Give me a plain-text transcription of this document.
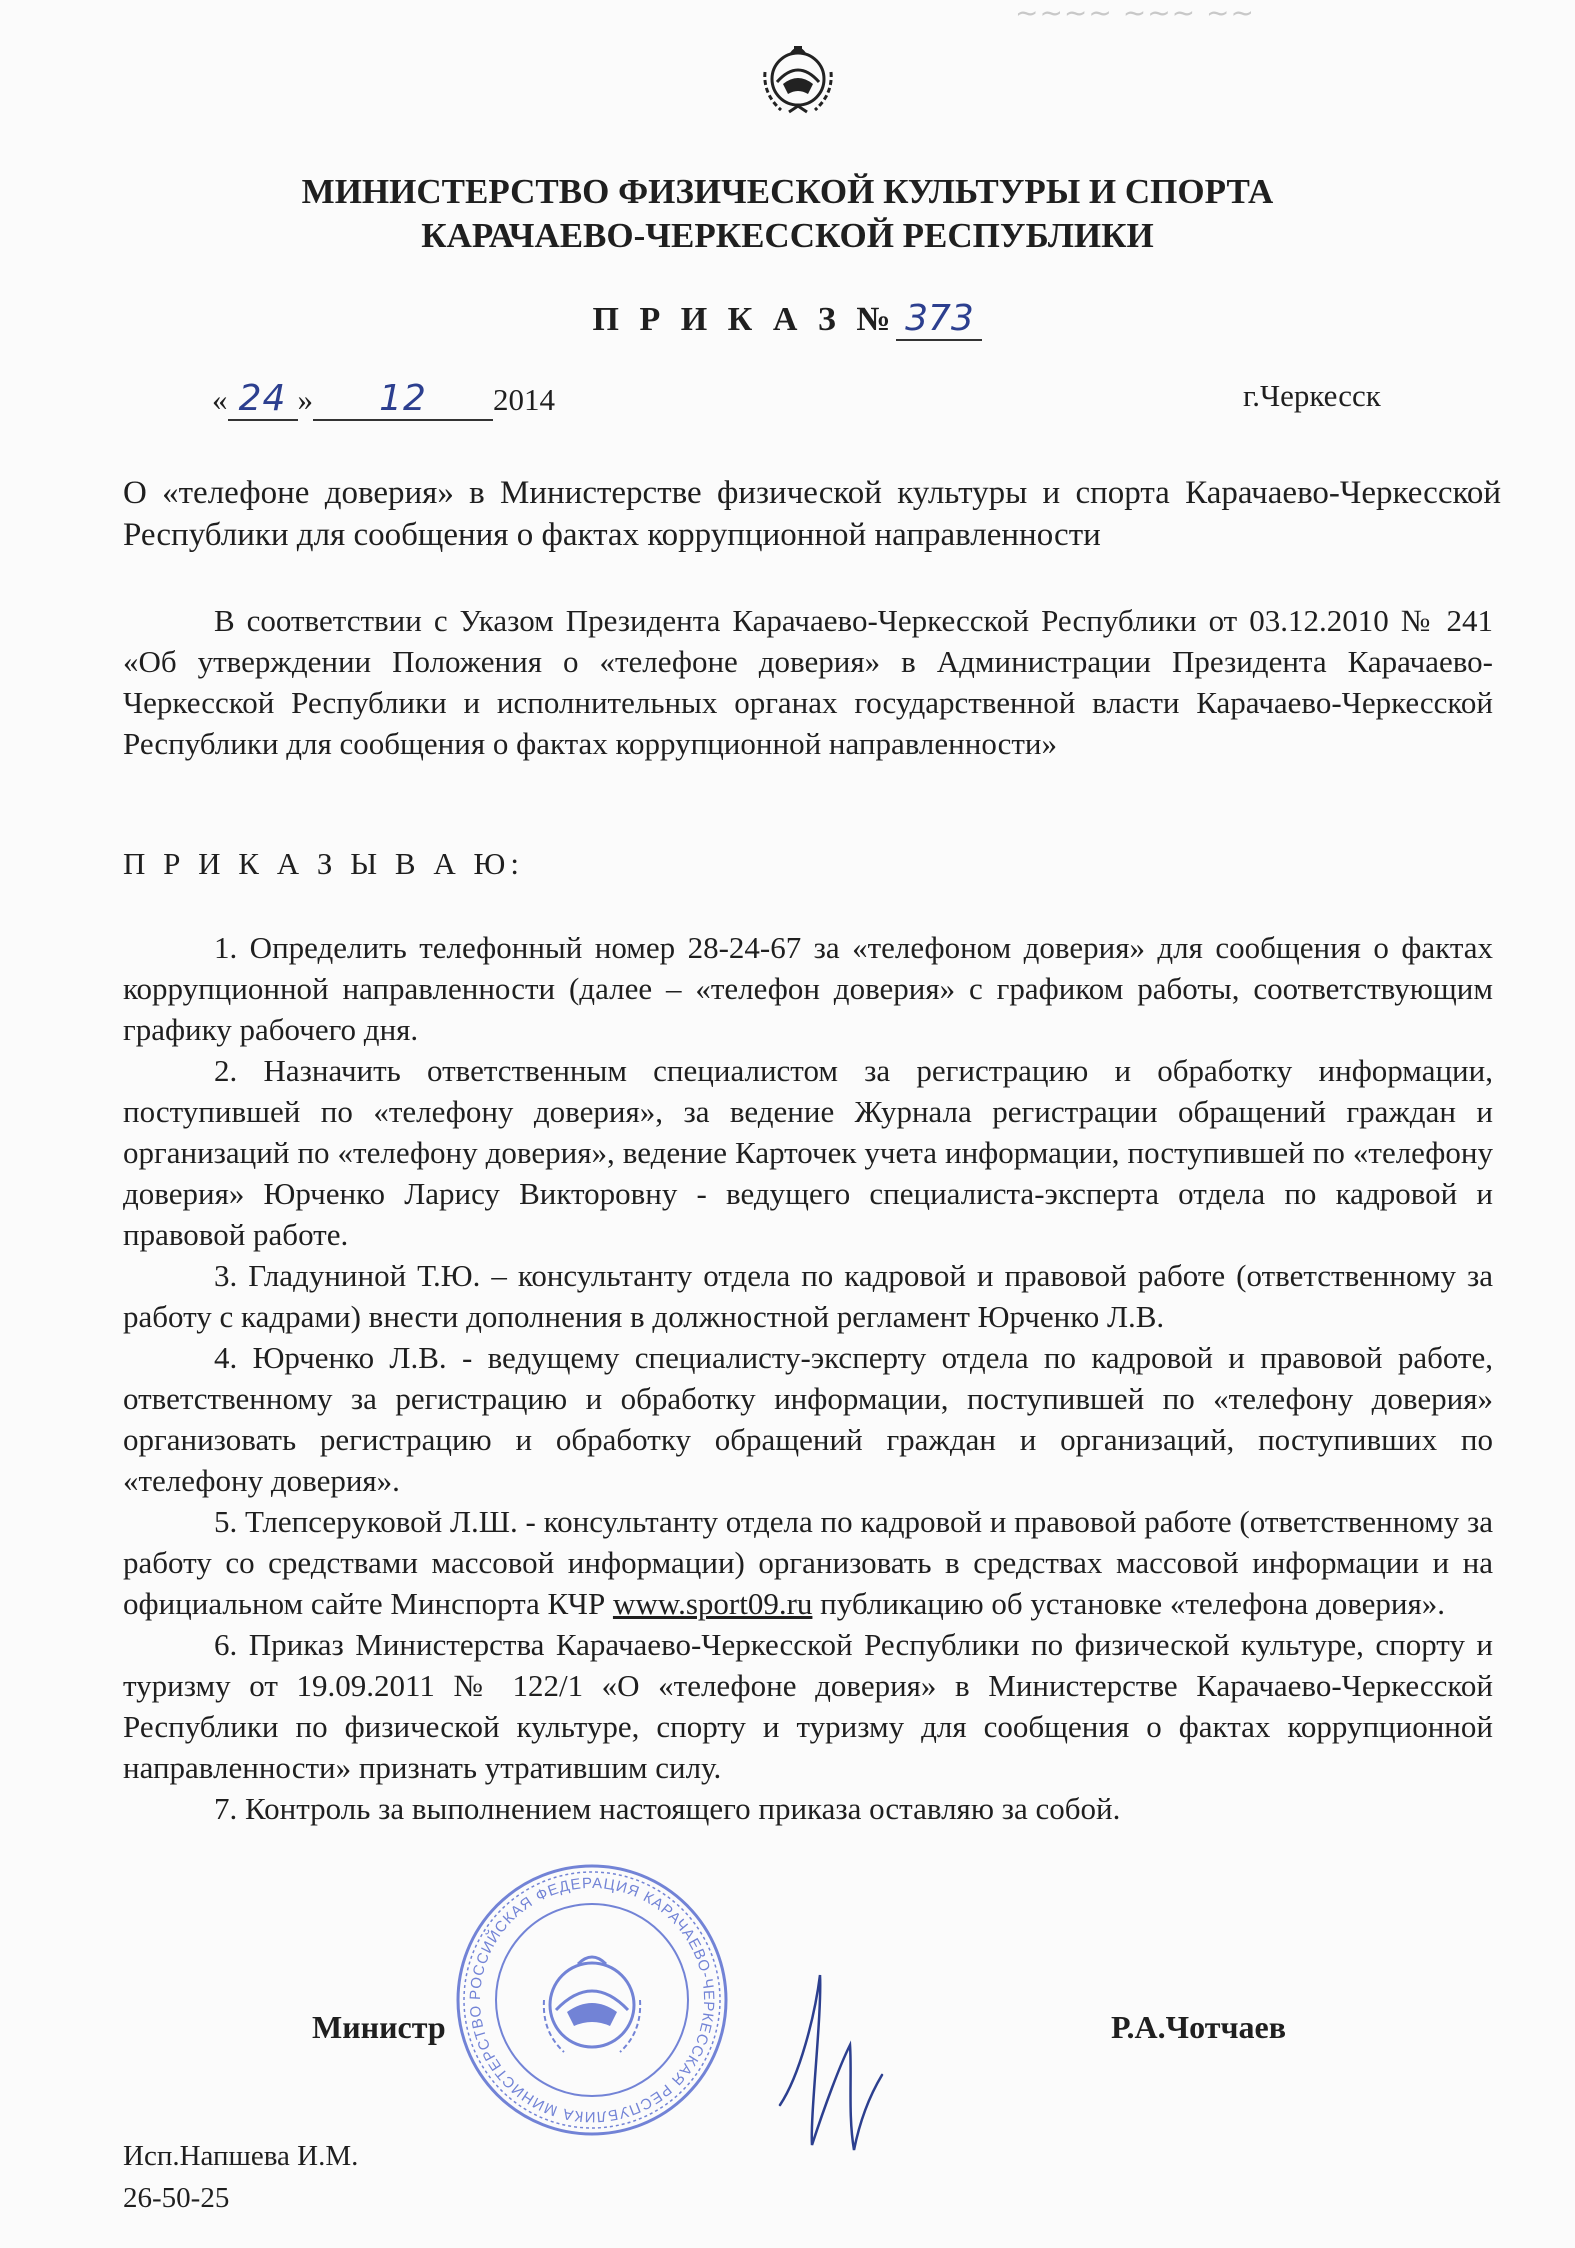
~~~~ ~~~ ~~
МИНИСТЕРСТВО ФИЗИЧЕСКОЙ КУЛЬТУРЫ И СПОРТА
КАРАЧАЕВО-ЧЕРКЕССКОЙ РЕСПУБЛИКИ
П Р И К А З № 373
« 24 » 12 2014	г.Черкесск
О «телефоне доверия» в Министерстве физической культуры и спорта Карачаево-Черкесской Республики для сообщения о фактах коррупционной направленности
В соответствии с Указом Президента Карачаево-Черкесской Республики от 03.12.2010 № 241 «Об утверждении Положения о «телефоне доверия» в Администрации Президента Карачаево-Черкесской Республики и исполнительных органах государственной власти Карачаево-Черкесской Республики для сообщения о фактах коррупционной направленности»
П Р И К А З Ы В А Ю:

1. Определить телефонный номер 28-24-67 за «телефоном доверия» для сообщения о фактах коррупционной направленности (далее – «телефон доверия» с графиком работы, соответствующим графику рабочего дня.

2. Назначить ответственным специалистом за регистрацию и обработку информации, поступившей по «телефону доверия», за ведение Журнала регистрации обращений граждан и организаций по «телефону доверия», ведение Карточек учета информации, поступившей по «телефону доверия» Юрченко Ларису Викторовну - ведущего специалиста-эксперта отдела по кадровой и правовой работе.

3. Гладуниной Т.Ю. – консультанту отдела по кадровой и правовой работе (ответственному за работу с кадрами) внести дополнения в должностной регламент Юрченко Л.В.

4. Юрченко Л.В. - ведущему специалисту-эксперту отдела по кадровой и правовой работе, ответственному за регистрацию и обработку информации, поступившей по «телефону доверия» организовать регистрацию и обработку обращений граждан и организаций, поступивших по «телефону доверия».

5. Тлепсеруковой Л.Ш. - консультанту отдела по кадровой и правовой работе (ответственному за работу со средствами массовой информации) организовать в средствах массовой информации и на официальном сайте Минспорта КЧР www.sport09.ru публикацию об установке «телефона доверия».

6. Приказ Министерства Карачаево-Черкесской Республики по физической культуре, спорту и туризму от 19.09.2011 № 122/1 «О «телефоне доверия» в Министерстве Карачаево-Черкесской Республики по физической культуре, спорту и туризму для сообщения о фактах коррупционной направленности» признать утратившим силу.

7. Контроль за выполнением настоящего приказа оставляю за собой.

РОССИЙСКАЯ ФЕДЕРАЦИЯ КАРАЧАЕВО-ЧЕРКЕССКАЯ РЕСПУБЛИКА МИНИСТЕРСТВО
Министр	Р.А.Чотчаев
Исп.Напшева И.М.
26-50-25
